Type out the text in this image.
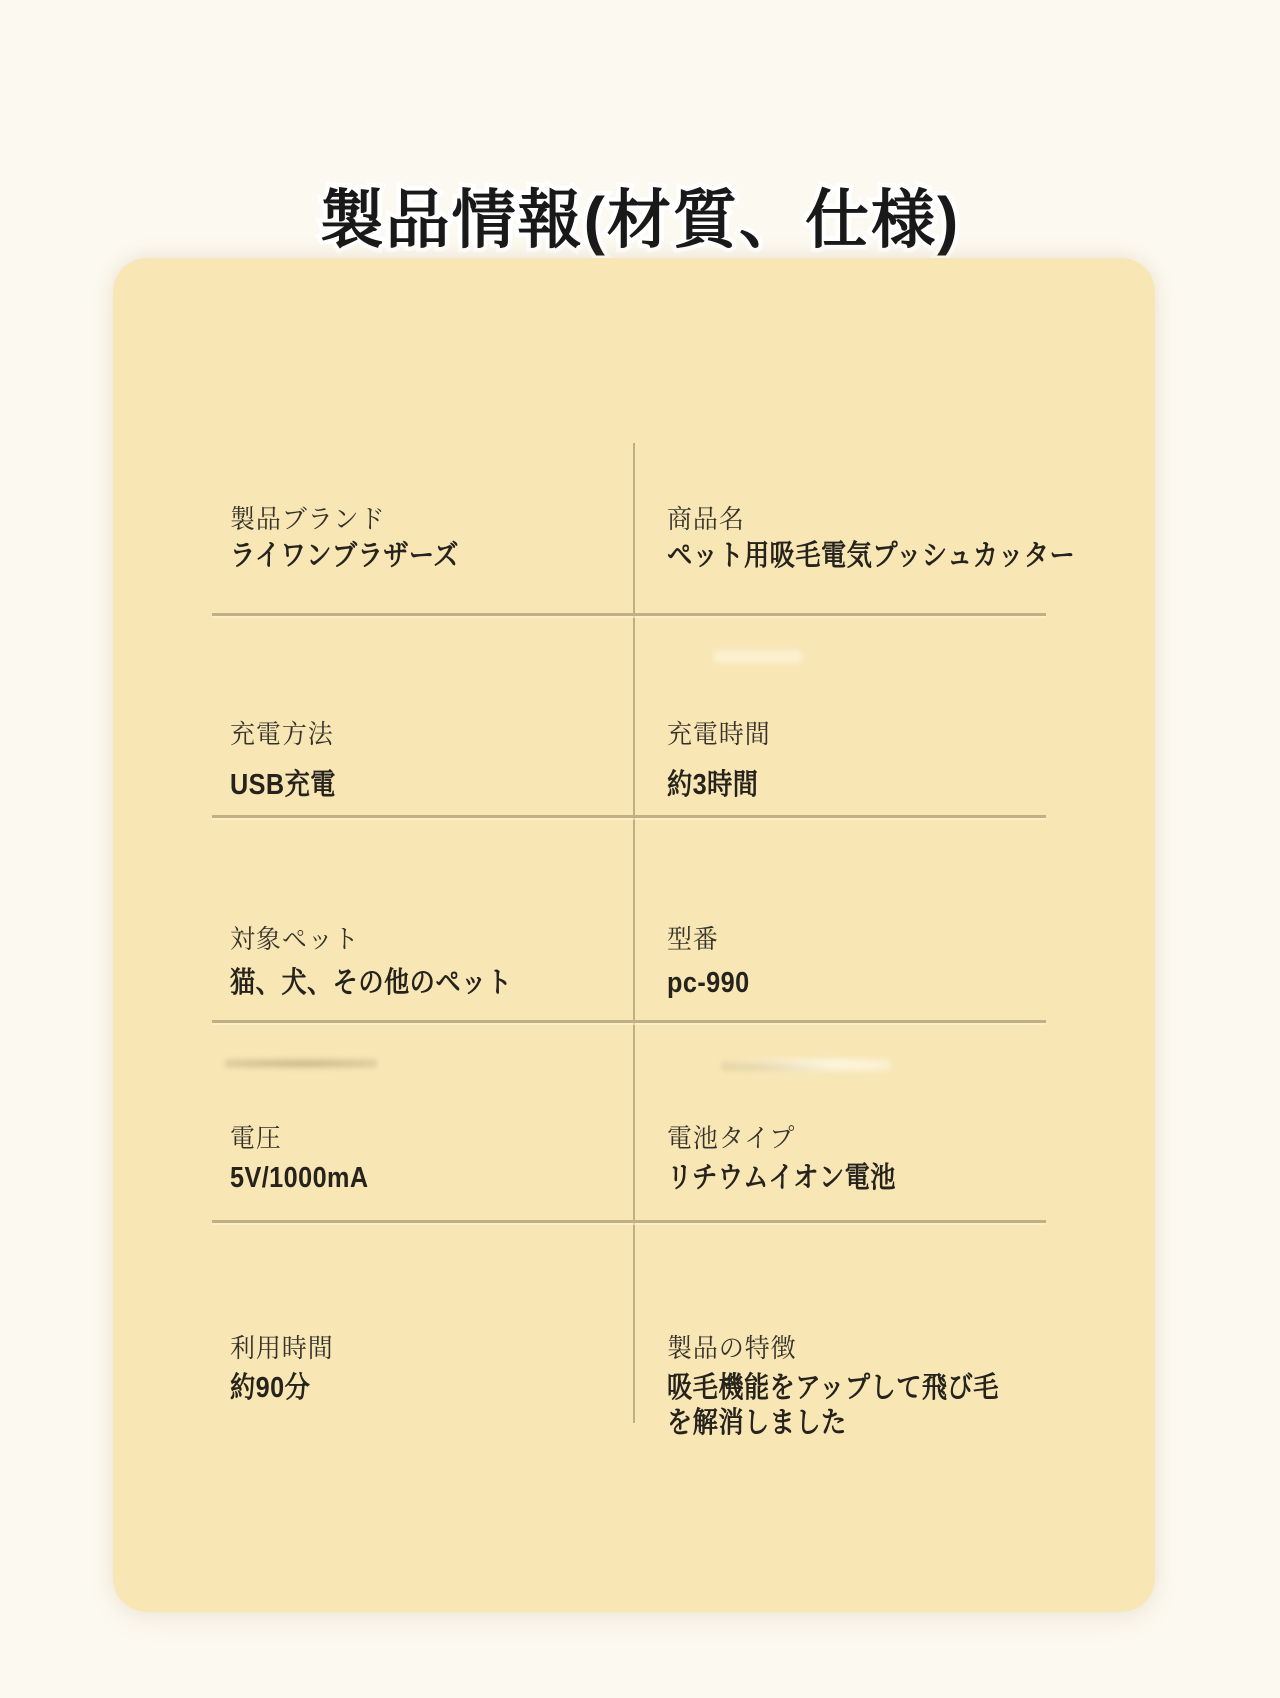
製品情報(材質、仕様)
製品ブランド
ライワンブラザーズ
商品名
ペット用吸毛電気プッシュカッター
充電方法
USB充電
充電時間
約3時間
対象ペット
猫、犬、その他のペット
型番
pc-990
電圧
5V/1000mA
電池タイプ
リチウムイオン電池
利用時間
約90分
製品の特徴
吸毛機能をアップして飛び毛
を解消しました
